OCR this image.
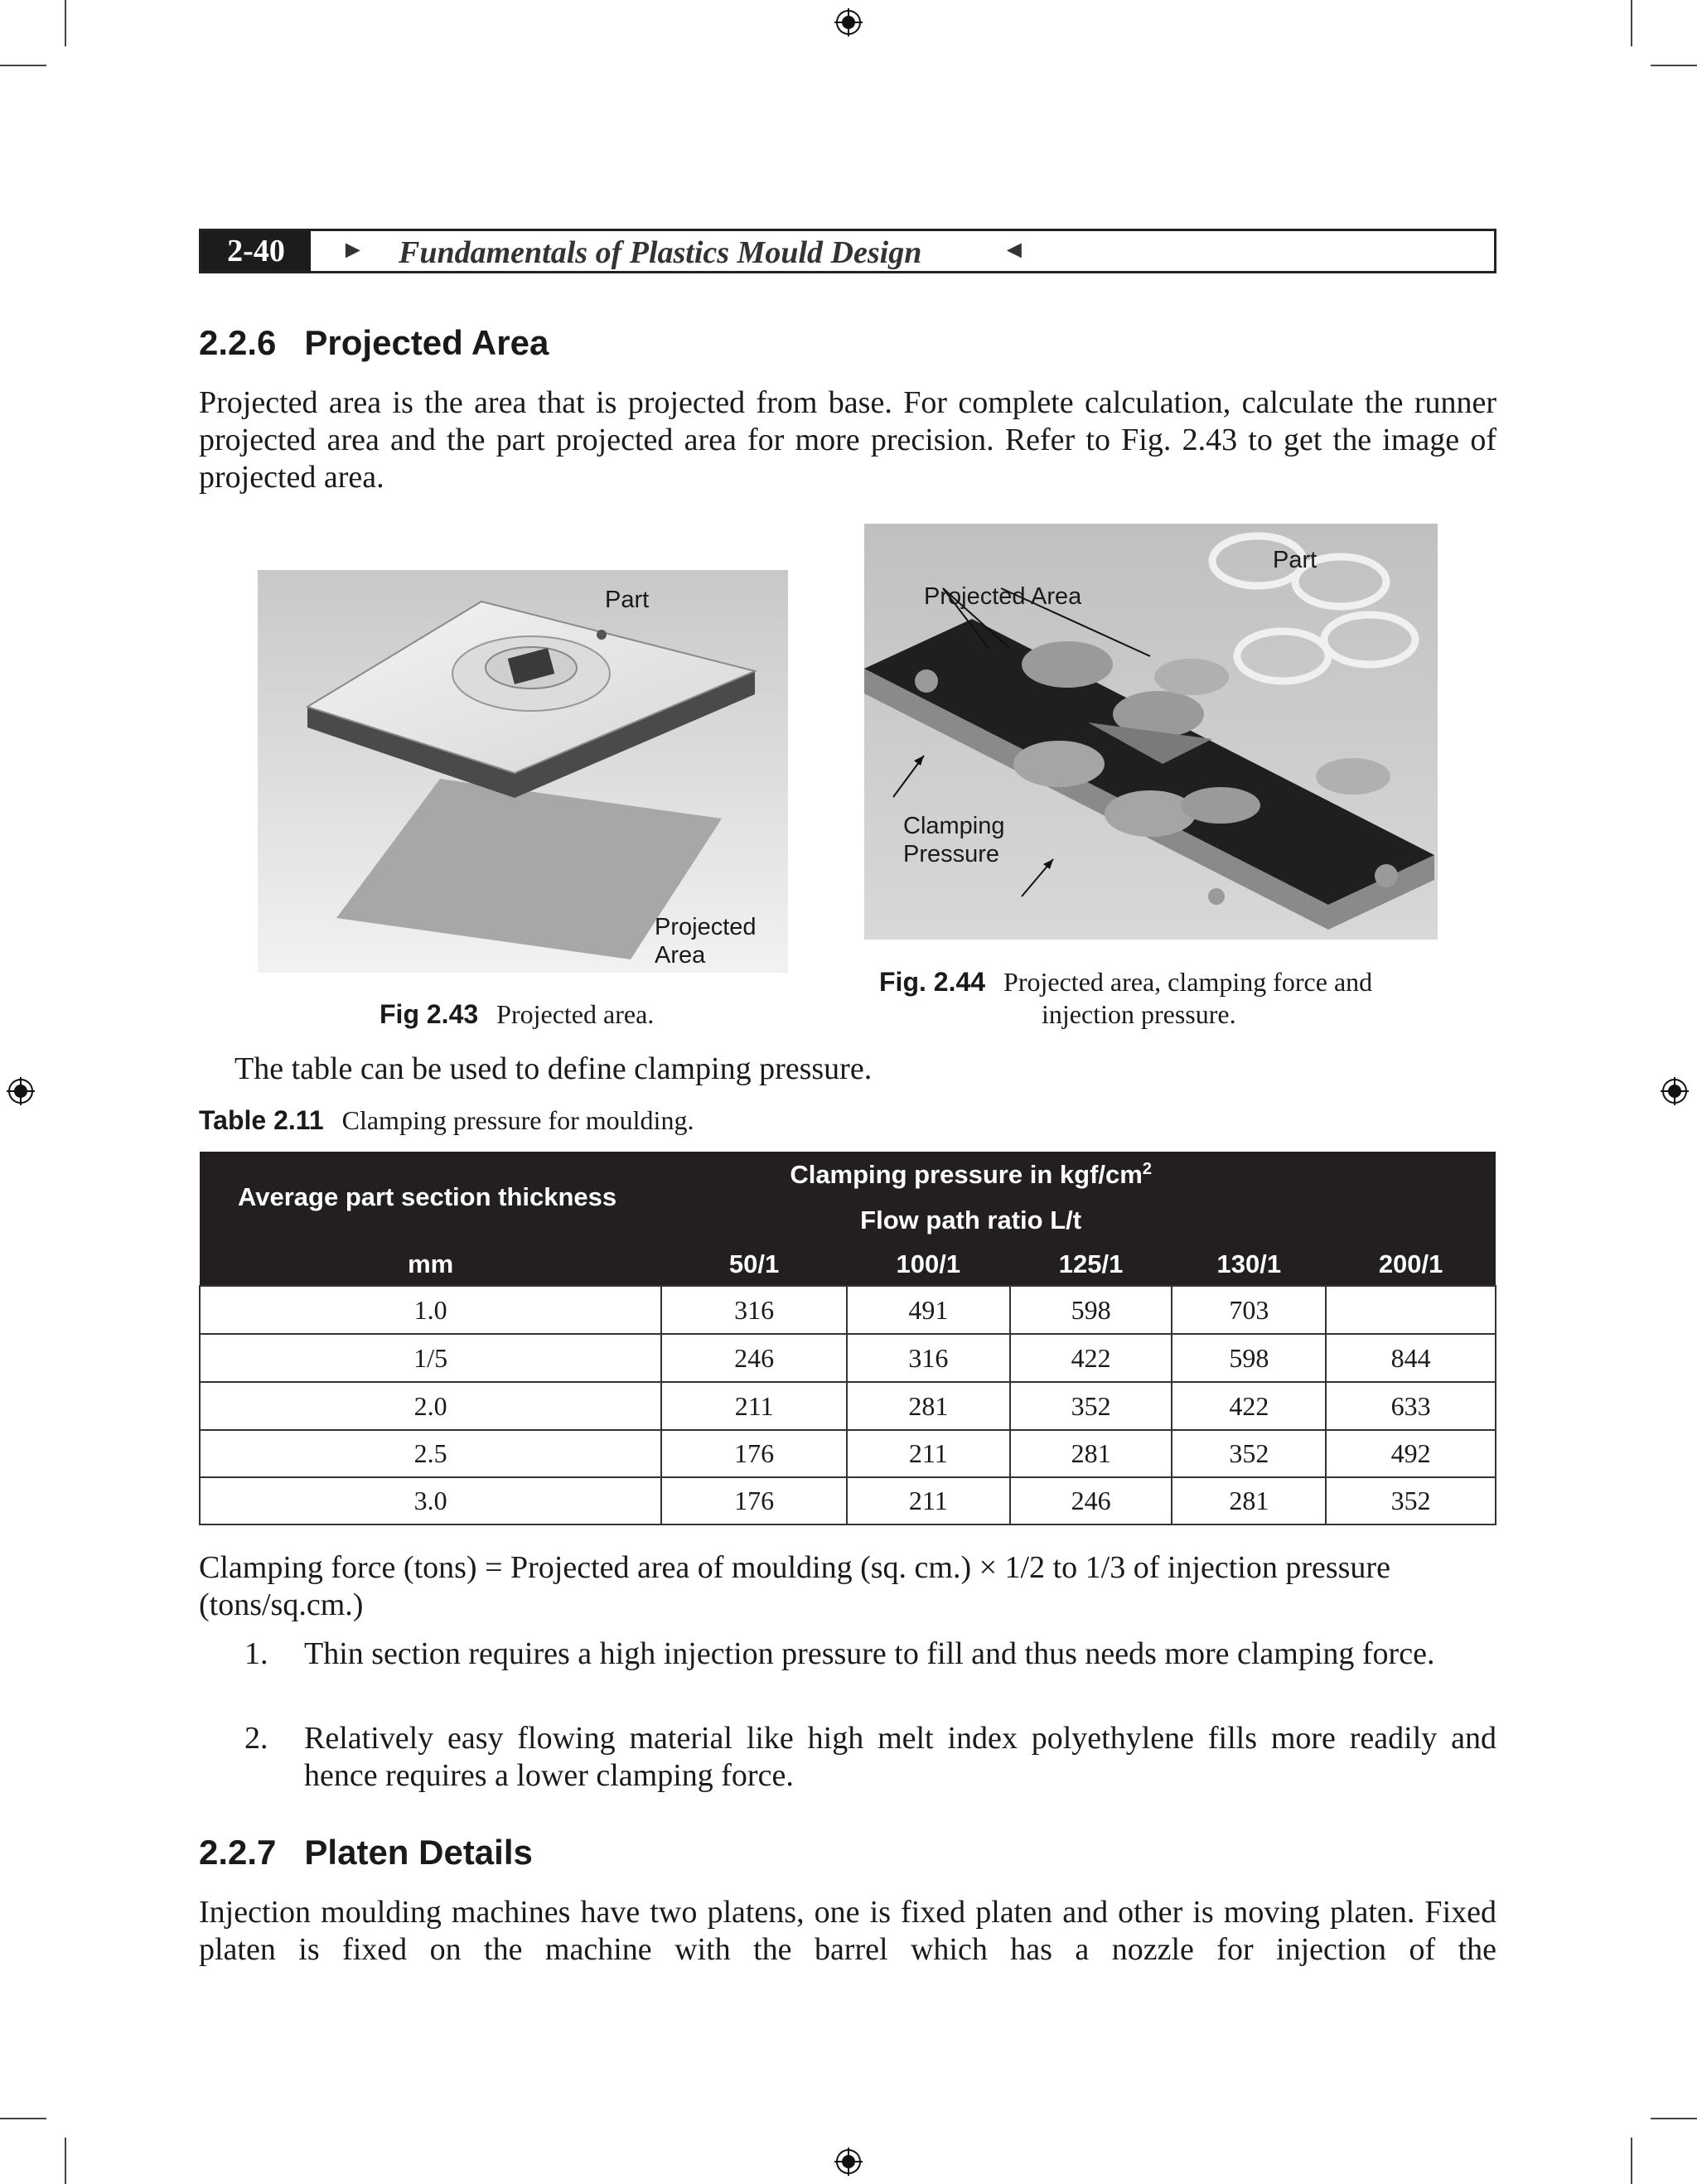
2-40	► Fundamentals of Plastics Mould Design	◄
2.2.6 Projected Area

Projected area is the area that is projected from base. For complete calculation, calculate the runner projected area and the part projected area for more precision. Refer to Fig. 2.43 to get the image of projected area.

Part
Projected
Area
Fig 2.43 Projected area.
Part
Projected Area
Clamping
Pressure
Fig. 2.44 Projected area, clamping force and
injection pressure.

The table can be used to define clamping pressure.

Table 2.11 Clamping pressure for moulding.
Average part section thickness	Clamping pressure in kgf/$cm^2$
	Flow path ratio L/t				
mm	50/1	100/1	125/1	130/1	200/1
1.0	316	491	598	703	
1/5	246	316	422	598	844
2.0	211	281	352	422	633
2.5	176	211	281	352	492
3.0	176	211	246	281	352
Clamping force (tons) = Projected area of moulding (sq. cm.) × 1/2 to 1/3 of injection pressure
(tons/sq.cm.)
1. Thin section requires a high injection pressure to fill and thus needs more clamping force.
2. Relatively easy flowing material like high melt index polyethylene fills more readily and hence requires a lower clamping force.
2.2.7 Platen Details

Injection moulding machines have two platens, one is fixed platen and other is moving platen. Fixed platen is fixed on the machine with the barrel which has a nozzle for injection of the
